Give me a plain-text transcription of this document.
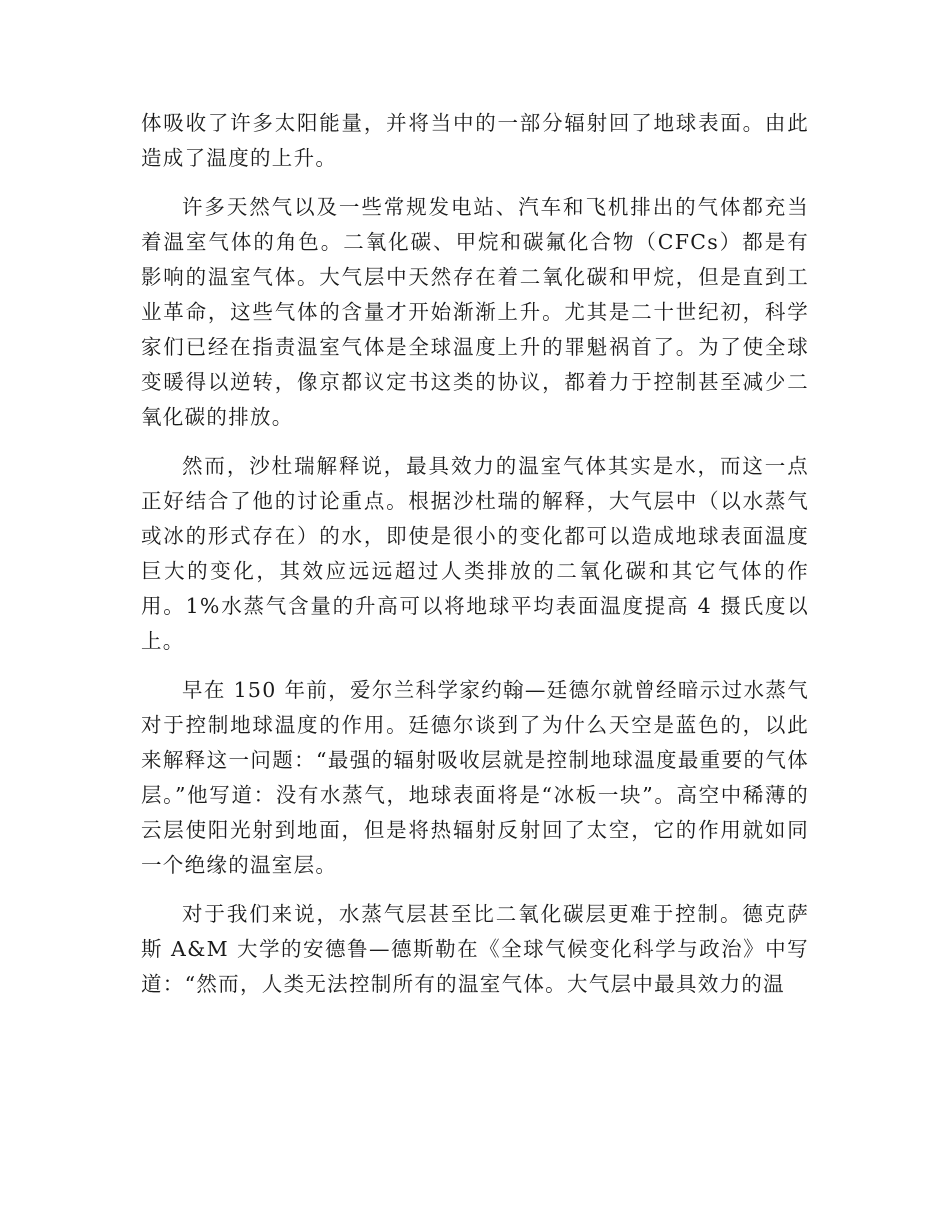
体吸收了许多太阳能量，并将当中的一部分辐射回了地球表面。由此造成了温度的上升。

许多天然气以及一些常规发电站、汽车和飞机排出的气体都充当着温室气体的角色。二氧化碳、甲烷和碳氟化合物（CFCs）都是有影响的温室气体。大气层中天然存在着二氧化碳和甲烷，但是直到工业革命，这些气体的含量才开始渐渐上升。尤其是二十世纪初，科学家们已经在指责温室气体是全球温度上升的罪魁祸首了。为了使全球变暖得以逆转，像京都议定书这类的协议，都着力于控制甚至减少二氧化碳的排放。

然而，沙杜瑞解释说，最具效力的温室气体其实是水，而这一点正好结合了他的讨论重点。根据沙杜瑞的解释，大气层中（以水蒸气或冰的形式存在）的水，即使是很小的变化都可以造成地球表面温度巨大的变化，其效应远远超过人类排放的二氧化碳和其它气体的作用。1%水蒸气含量的升高可以将地球平均表面温度提高 4 摄氏度以上。

早在 150 年前，爱尔兰科学家约翰—廷德尔就曾经暗示过水蒸气对于控制地球温度的作用。廷德尔谈到了为什么天空是蓝色的，以此来解释这一问题：“最强的辐射吸收层就是控制地球温度最重要的气体层。”他写道：没有水蒸气，地球表面将是“冰板一块”。高空中稀薄的云层使阳光射到地面，但是将热辐射反射回了太空，它的作用就如同一个绝缘的温室层。

对于我们来说，水蒸气层甚至比二氧化碳层更难于控制。德克萨斯 A&M 大学的安德鲁—德斯勒在《全球气候变化科学与政治》中写道：“然而，人类无法控制所有的温室气体。大气层中最具效力的温
